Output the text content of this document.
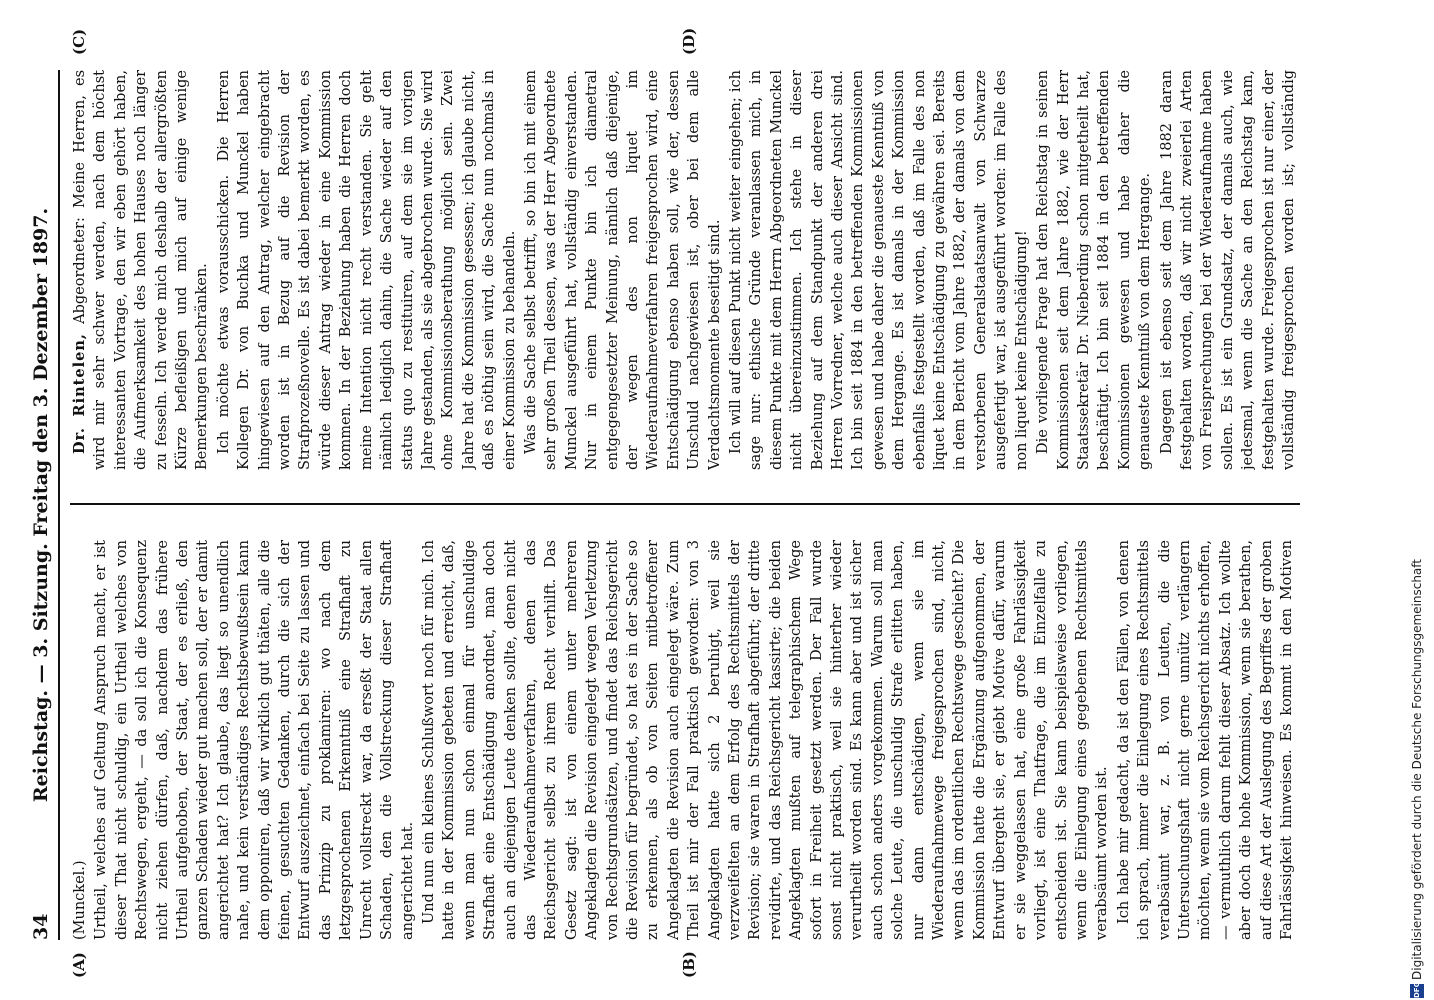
34
Reichstag. — 3. Sitzung. Freitag den 3. Dezember 1897.
(A)	(B)
(C)	(D)

(Munckel.) Urtheil, welches auf Geltung Anspruch macht, er ist dieser That nicht schuldig, ein Urtheil welches von Rechtswegen, ergeht, — da soll ich die Konsequenz nicht ziehen dürfen, daß, nachdem das frühere Urtheil aufgehoben, der Staat, der es erließ, den ganzen Schaden wieder gut machen soll, der er damit angerichtet hat? Ich glaube, das liegt so unendlich nahe, und kein verständiges Rechtsbewußtsein kann dem opponiren, daß wir wirklich gut thäten, alle die feinen, gesuchten Gedanken, durch die sich der Entwurf auszeichnet, einfach bei Seite zu lassen und das Prinzip zu proklamiren: wo nach dem letzgesprochenen Erkenntniß eine Strafhaft zu Unrecht vollstreckt war, da erseßt der Staat allen Schaden, den die Vollstreckung dieser Strafhaft angerichtet hat. Und nun ein kleines Schlußwort noch für mich. Ich hatte in der Kommission gebeten und erreicht, daß, wenn man nun schon einmal für unschuldige Strafhaft eine Entschädigung anordnet, man doch auch an diejenigen Leute denken sollte, denen nicht das Wiederaufnahmeverfahren, denen das Reichsgericht selbst zu ihrem Recht verhilft. Das Gesetz sagt: ist von einem unter mehreren Angeklagten die Revision eingelegt wegen Verletzung von Rechtsgrundsätzen, und findet das Reichsgericht die Revision für begründet, so hat es in der Sache so zu erkennen, als ob von Seiten mitbetroffener Angeklagten die Revision auch eingelegt wäre. Zum Theil ist mir der Fall praktisch geworden: von 3 Angeklagten hatte sich 2 beruhigt, weil sie verzweifelten an dem Erfolg des Rechtsmittels der Revision; sie waren in Strafhaft abgeführt; der dritte revidirte, und das Reichsgericht kassirte; die beiden Angeklagten mußten auf telegraphischem Wege sofort in Freiheit gesetzt werden. Der Fall wurde sonst nicht praktisch, weil sie hinterher wieder verurtheilt worden sind. Es kann aber und ist sicher auch schon anders vorgekommen. Warum soll man solche Leute, die unschuldig Strafe erlitten haben, nur dann entschädigen, wenn sie im Wiederaufnahmewege freigesprochen sind, nicht, wenn das im ordentlichen Rechtswege geschieht? Die Kommission hatte die Ergänzung aufgenommen, der Entwurf übergeht sie, er giebt Motive dafür, warum er sie weggelassen hat, eine große Fahrlässigkeit vorliegt, ist eine Thatfrage, die im Einzelfalle zu entscheiden ist. Sie kann beispielsweise vorliegen, wenn die Einlegung eines gegebenen Rechtsmittels verabsäumt worden ist. Ich habe mir gedacht, da ist den Fällen, von denen ich sprach, immer die Einlegung eines Rechtsmittels verabsäumt war, z. B. von Leuten, die die Untersuchungshaft nicht gerne unnütz verlängern möchten, wenn sie vom Reichsgericht nichts erhoffen, — vermuthlich darum fehlt dieser Absatz. Ich wollte aber doch die hohe Kommission, wenn sie berathen, auf diese Art der Auslegung des Begriffes der groben Fahrlässigkeit hinweisen. Es kommt in den Motiven

Dr. Rintelen, Abgeordneter: Meine Herren, es wird mir sehr schwer werden, nach dem höchst interessanten Vortrage, den wir eben gehört haben, die Aufmerksamkeit des hohen Hauses noch länger zu fesseln. Ich werde mich deshalb der allergrößten Kürze befleißigen und mich auf einige wenige Bemerkungen beschränken. Ich möchte etwas vorausschicken. Die Herren Kollegen Dr. von Buchka und Munckel haben hingewiesen auf den Antrag, welcher eingebracht worden ist in Bezug auf die Revision der Strafprozeßnovelle. Es ist dabei bemerkt worden, es würde dieser Antrag wieder in eine Kommission kommen. In der Beziehung haben die Herren doch meine Intention nicht recht verstanden. Sie geht nämlich lediglich dahin, die Sache wieder auf den status quo zu restituiren, auf dem sie im vorigen Jahre gestanden, als sie abgebrochen wurde. Sie wird ohne Kommissionsberathung möglich sein. Zwei Jahre hat die Kommission gesessen; ich glaube nicht, daß es nöthig sein wird, die Sache nun nochmals in einer Kommission zu behandeln. Was die Sache selbst betrifft, so bin ich mit einem sehr großen Theil dessen, was der Herr Abgeordnete Munckel ausgeführt hat, vollständig einverstanden. Nur in einem Punkte bin ich diametral entgegengesetzter Meinung, nämlich daß diejenige, der wegen des non liquet im Wiederaufnahmeverfahren freigesprochen wird, eine Entschädigung ebenso haben soll, wie der, dessen Unschuld nachgewiesen ist, ober bei dem alle Verdachtsmomente beseitigt sind. Ich will auf diesen Punkt nicht weiter eingehen; ich sage nur: ethische Gründe veranlassen mich, in diesem Punkte mit dem Herrn Abgeordneten Munckel nicht übereinzustimmen. Ich stehe in dieser Beziehung auf dem Standpunkt der anderen drei Herren Vorredner, welche auch dieser Ansicht sind. Ich bin seit 1884 in den betreffenden Kommissionen gewesen und habe daher die genaueste Kenntniß von dem Hergange. Es ist damals in der Kommission ebenfalls festgestellt worden, daß im Falle des non liquet keine Entschädigung zu gewähren sei. Bereits in dem Bericht vom Jahre 1882, der damals von dem verstorbenen Generalstaatsanwalt von Schwarze ausgefertigt war, ist ausgeführt worden: im Falle des non liquet keine Entschädigung! Die vorliegende Frage hat den Reichstag in seinen Kommissionen seit dem Jahre 1882, wie der Herr Staatssekretär Dr. Nieberding schon mitgetheilt hat, beschäftigt. Ich bin seit 1884 in den betreffenden Kommissionen gewesen und habe daher die genaueste Kenntniß von dem Hergange. Dagegen ist ebenso seit dem Jahre 1882 daran festgehalten worden, daß wir nicht zweierlei Arten von Freisprechungen bei der Wiederaufnahme haben sollen. Es ist ein Grundsatz, der damals auch, wie jedesmal, wenn die Sache an den Reichstag kam, festgehalten wurde. Freigesprochen ist nur einer, der vollständig freigesprochen worden ist; vollständig

DFG
Digitalisierung gefördert durch die Deutsche Forschungsgemeinschaft
